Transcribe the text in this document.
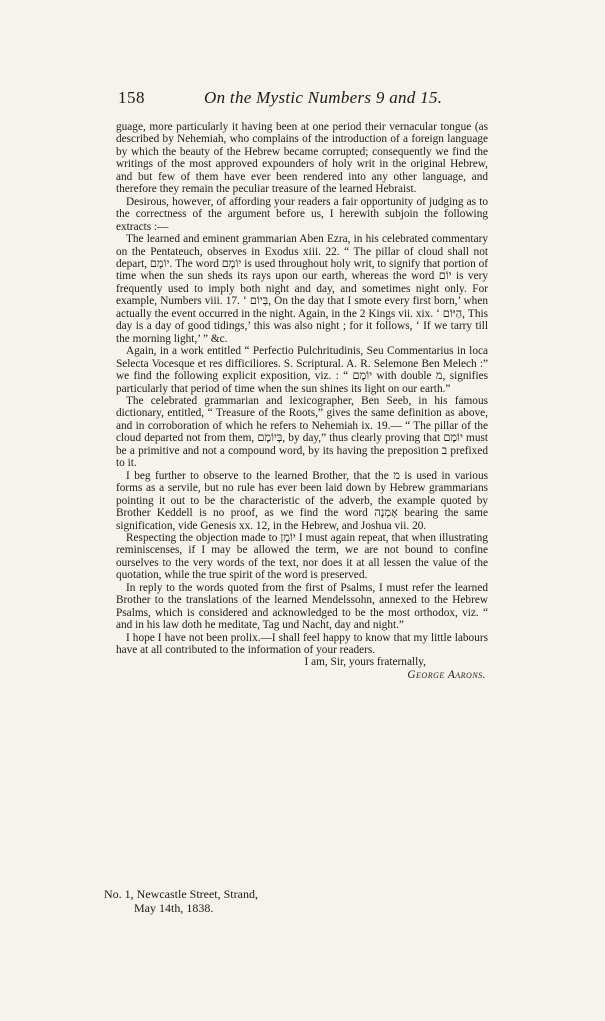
158	On the Mystic Numbers 9 and 15.

guage, more particularly it having been at one period their vernacular tongue (as described by Nehemiah, who complains of the introduction of a foreign language by which the beauty of the Hebrew became corrupted; consequently we find the writings of the most approved expounders of holy writ in the original Hebrew, and but few of them have ever been rendered into any other language, and therefore they remain the peculiar treasure of the learned Hebraist.

Desirous, however, of affording your readers a fair opportunity of judging as to the correctness of the argument before us, I herewith subjoin the following extracts :—

The learned and eminent grammarian Aben Ezra, in his celebrated commentary on the Pentateuch, observes in Exodus xiii. 22. “ The pillar of cloud shall not depart, יוֹמָם. The word יוֹמָם is used throughout holy writ, to signify that portion of time when the sun sheds its rays upon our earth, whereas the word יוֹם is very frequently used to imply both night and day, and sometimes night only. For example, Numbers viii. 17. ‘ בְּיוֹם, On the day that I smote every first born,’ when actually the event occurred in the night. Again, in the 2 Kings vii. xix. ‘ הַיּוֹם, This day is a day of good tidings,’ this was also night ; for it follows, ‘ If we tarry till the morning light,’ ” &c.

Again, in a work entitled “ Perfectio Pulchritudinis, Seu Commentarius in loca Selecta Vocesque et res difficiliores. S. Scriptural. A. R. Selemone Ben Melech :” we find the following explicit exposition, viz. : “ יוֹמָם with double מ, signifies particularly that period of time when the sun shines its light on our earth.”

The celebrated grammarian and lexicographer, Ben Seeb, in his famous dictionary, entitled, “ Treasure of the Roots,” gives the same definition as above, and in corroboration of which he refers to Nehemiah ix. 19.— “ The pillar of the cloud departed not from them, בְּיוֹמָם, by day,” thus clearly proving that יוֹמָם must be a primitive and not a compound word, by its having the preposition ב prefixed to it.

I beg further to observe to the learned Brother, that the מ is used in various forms as a servile, but no rule has ever been laid down by Hebrew grammarians pointing it out to be the characteristic of the adverb, the example quoted by Brother Keddell is no proof, as we find the word אָמְנָה bearing the same signification, vide Genesis xx. 12, in the Hebrew, and Joshua vii. 20.

Respecting the objection made to יוֹמָן I must again repeat, that when illustrating reminiscenses, if I may be allowed the term, we are not bound to confine ourselves to the very words of the text, nor does it at all lessen the value of the quotation, while the true spirit of the word is preserved.

In reply to the words quoted from the first of Psalms, I must refer the learned Brother to the translations of the learned Mendelssohn, annexed to the Hebrew Psalms, which is considered and acknowledged to be the most orthodox, viz. “ and in his law doth he meditate, Tag und Nacht, day and night.”

I hope I have not been prolix.—I shall feel happy to know that my little labours have at all contributed to the information of your readers.

I am, Sir, yours fraternally,

George Aarons.

No. 1, Newcastle Street, Strand,
May 14th, 1838.
